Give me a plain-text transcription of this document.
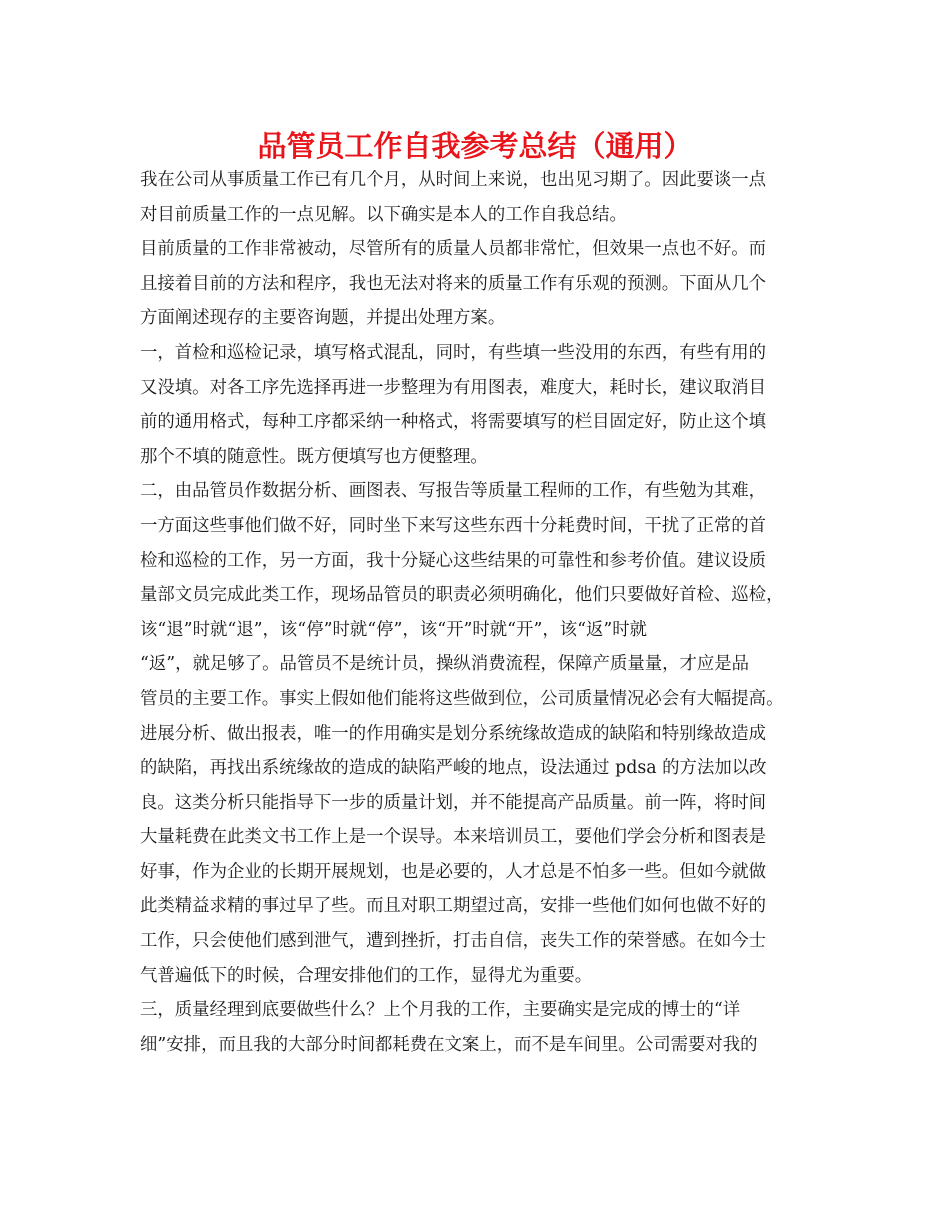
品管员工作自我参考总结（通用）
我在公司从事质量工作已有几个月，从时间上来说，也出见习期了。因此要谈一点
对目前质量工作的一点见解。以下确实是本人的工作自我总结。
目前质量的工作非常被动，尽管所有的质量人员都非常忙，但效果一点也不好。而
且接着目前的方法和程序，我也无法对将来的质量工作有乐观的预测。下面从几个
方面阐述现存的主要咨询题，并提出处理方案。
一，首检和巡检记录，填写格式混乱，同时，有些填一些没用的东西，有些有用的
又没填。对各工序先选择再进一步整理为有用图表，难度大，耗时长，建议取消目
前的通用格式，每种工序都采纳一种格式，将需要填写的栏目固定好，防止这个填
那个不填的随意性。既方便填写也方便整理。
二，由品管员作数据分析、画图表、写报告等质量工程师的工作，有些勉为其难，
一方面这些事他们做不好，同时坐下来写这些东西十分耗费时间，干扰了正常的首
检和巡检的工作，另一方面，我十分疑心这些结果的可靠性和参考价值。建议设质
量部文员完成此类工作，现场品管员的职责必须明确化，他们只要做好首检、巡检，
该“退”时就“退”，该“停”时就“停”，该“开”时就“开”，该“返”时就
“返”，就足够了。品管员不是统计员，操纵消费流程，保障产质量量，才应是品
管员的主要工作。事实上假如他们能将这些做到位，公司质量情况必会有大幅提高。
进展分析、做出报表，唯一的作用确实是划分系统缘故造成的缺陷和特别缘故造成
的缺陷，再找出系统缘故的造成的缺陷严峻的地点，设法通过 pdsa 的方法加以改
良。这类分析只能指导下一步的质量计划，并不能提高产品质量。前一阵，将时间
大量耗费在此类文书工作上是一个误导。本来培训员工，要他们学会分析和图表是
好事，作为企业的长期开展规划，也是必要的，人才总是不怕多一些。但如今就做
此类精益求精的事过早了些。而且对职工期望过高，安排一些他们如何也做不好的
工作，只会使他们感到泄气，遭到挫折，打击自信，丧失工作的荣誉感。在如今士
气普遍低下的时候，合理安排他们的工作，显得尤为重要。
三，质量经理到底要做些什么？上个月我的工作，主要确实是完成的博士的“详
细”安排，而且我的大部分时间都耗费在文案上，而不是车间里。公司需要对我的
